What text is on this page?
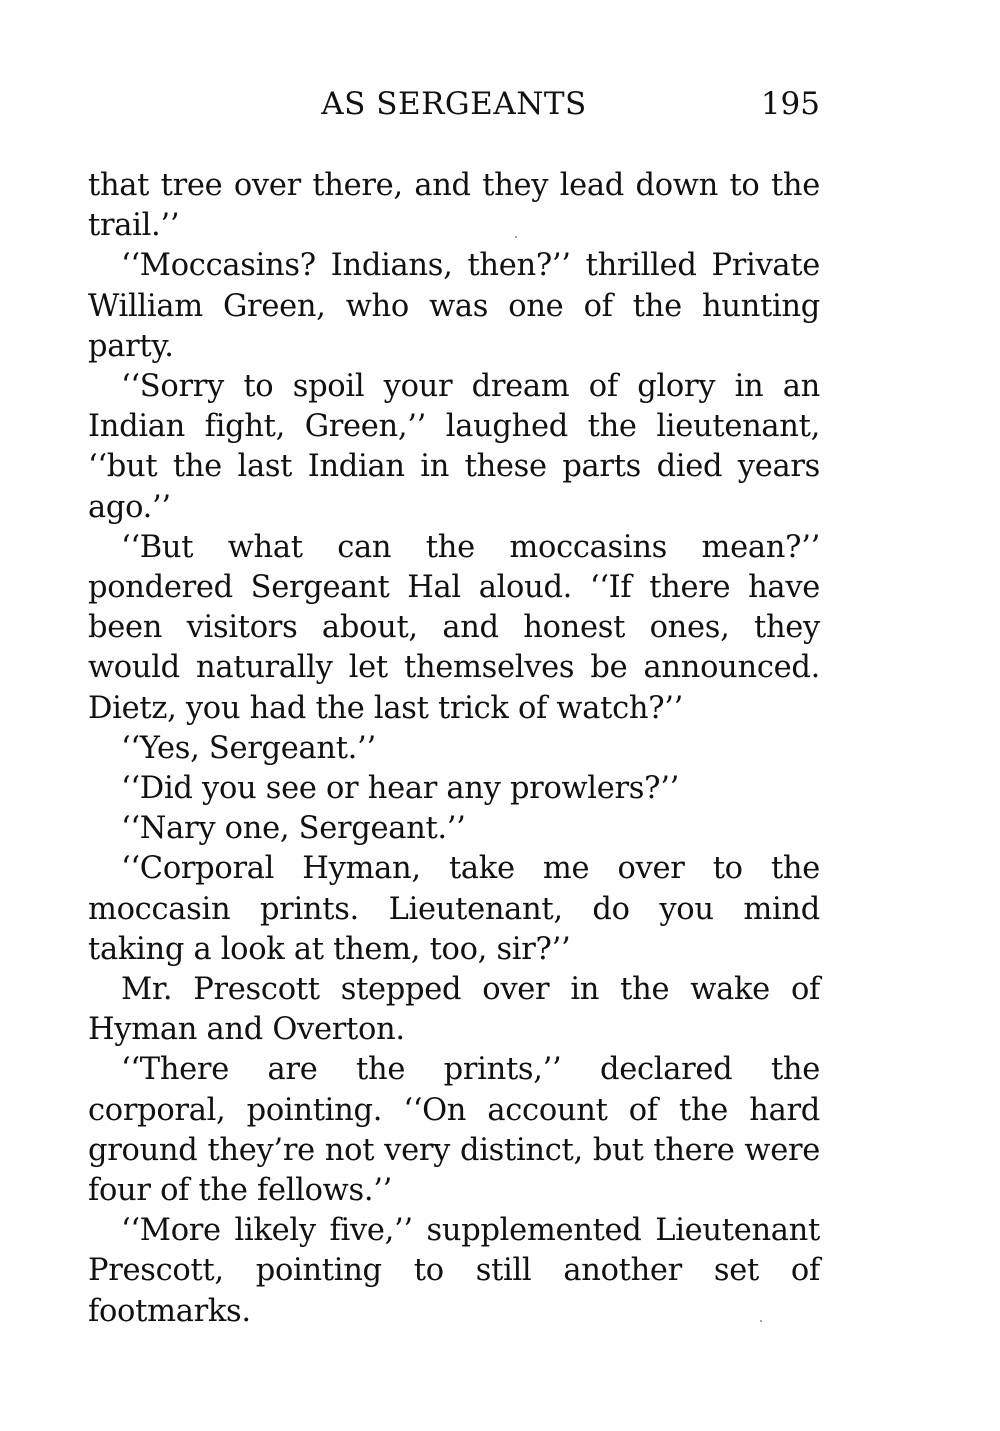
AS SERGEANTS	195

that tree over there, and they lead down to the trail.’’

‘‘Moccasins? Indians, then?’’ thrilled Private William Green, who was one of the hunting party.

‘‘Sorry to spoil your dream of glory in an Indian fight, Green,’’ laughed the lieutenant, ‘‘but the last Indian in these parts died years ago.’’

‘‘But what can the moccasins mean?’’ pondered Sergeant Hal aloud. ‘‘If there have been visitors about, and honest ones, they would naturally let themselves be announced. Dietz, you had the last trick of watch?’’

‘‘Yes, Sergeant.’’

‘‘Did you see or hear any prowlers?’’

‘‘Nary one, Sergeant.’’

‘‘Corporal Hyman, take me over to the moccasin prints. Lieutenant, do you mind taking a look at them, too, sir?’’

Mr. Prescott stepped over in the wake of Hyman and Overton.

‘‘There are the prints,’’ declared the corporal, pointing. ‘‘On account of the hard ground they’re not very distinct, but there were four of the fellows.’’

‘‘More likely five,’’ supplemented Lieutenant Prescott, pointing to still another set of footmarks.
